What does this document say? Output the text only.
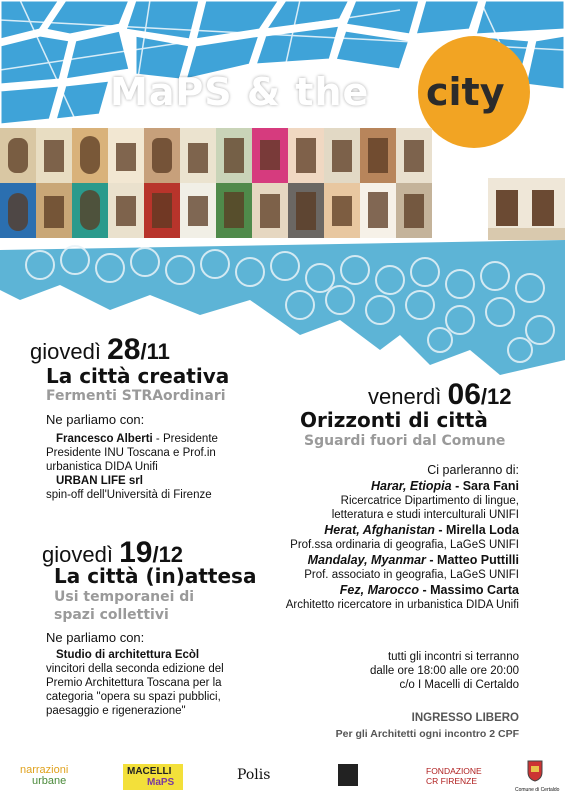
MaPS & the city
giovedì 28/11
La città creativa
Fermenti STRAordinari
Ne parliamo con:
Francesco Alberti - Presidente
Presidente INU Toscana e Prof.in
urbanistica DIDA Unifi
URBAN LIFE srl
spin-off dell'Università di Firenze
venerdì 06/12
Orizzonti di città
Sguardi fuori dal Comune
Ci parleranno di:
Harar, Etiopia - Sara Fani
Ricercatrice Dipartimento di lingue,
letteratura e studi interculturali UNIFI
Herat, Afghanistan - Mirella Loda
Prof.ssa ordinaria di geografia, LaGeS UNIFI
Mandalay, Myanmar - Matteo Puttilli
Prof. associato in geografia, LaGeS UNIFI
Fez, Marocco - Massimo Carta
Architetto ricercatore in urbanistica DIDA Unifi
giovedì 19/12
La città (in)attesa
Usi temporanei di
spazi collettivi
Ne parliamo con:
Studio di architettura Ecòl
vincitori della seconda edizione del
Premio Architettura Toscana per la
categoria "opera su spazi pubblici,
paesaggio e rigenerazione"
tutti gli incontri si terranno
dalle ore 18:00 alle ore 20:00
c/o I Macelli di Certaldo
INGRESSO LIBERO
Per gli Architetti ogni incontro 2 CPF
narrazioni
urbane
MACELLI
MaPS	Polis	FONDAZIONE
CR FIRENZE
Comune di Certaldo
